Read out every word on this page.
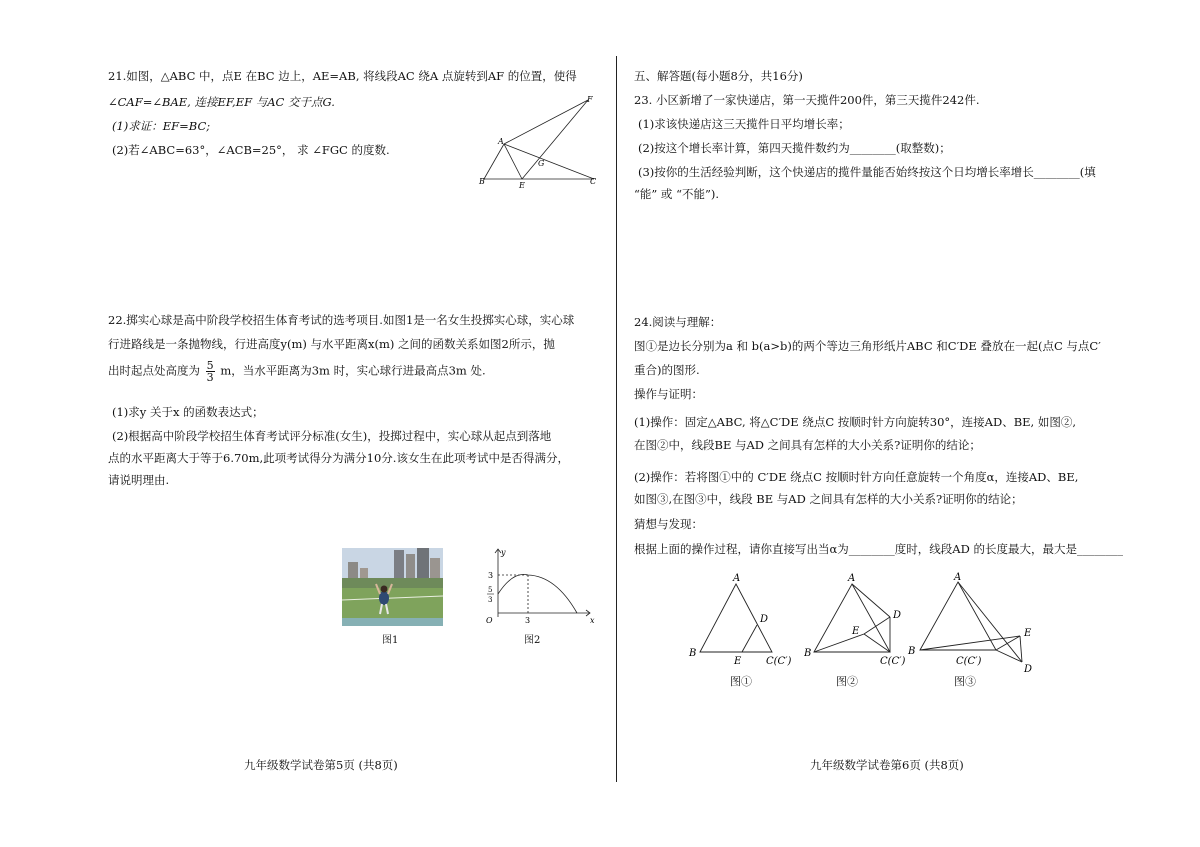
21.如图，△ABC 中，点E 在BC 边上，AE=AB, 将线段AC 绕A 点旋转到AF 的位置，使得
∠CAF=∠BAE, 连接EF,EF 与AC 交于点G.
(1)求证：EF=BC;
(2)若∠ABC=63°，∠ACB=25°， 求 ∠FGC 的度数.
A
B	C
E
F
G
22.掷实心球是高中阶段学校招生体育考试的选考项目.如图1是一名女生投掷实心球，实心球
行进路线是一条抛物线，行进高度y(m) 与水平距离x(m) 之间的函数关系如图2所示，抛
出时起点处高度为 $\frac{5}{3}$ m，当水平距离为3m 时，实心球行进最高点3m 处.
(1)求y 关于x 的函数表达式；
(2)根据高中阶段学校招生体育考试评分标准(女生)，投掷过程中，实心球从起点到落地
点的水平距离大于等于6.70m,此项考试得分为满分10分.该女生在此项考试中是否得满分，
请说明理由.
图1
y
x
O
3
5
3
3
图2
九年级数学试卷第5页 (共8页)
五、解答题(每小题8分，共16分)
23. 小区新增了一家快递店，第一天揽件200件，第三天揽件242件.
(1)求该快递店这三天揽件日平均增长率；
(2)按这个增长率计算，第四天揽件数约为________(取整数)；
(3)按你的生活经验判断，这个快递店的揽件量能否始终按这个日均增长率增长________(填
“能” 或 “不能”).
24.阅读与理解：
图①是边长分别为a 和 b(a>b)的两个等边三角形纸片ABC 和C′DE 叠放在一起(点C 与点C′
重合)的图形.
操作与证明：
(1)操作：固定△ABC, 将△C′DE 绕点C 按顺时针方向旋转30°，连接AD、BE, 如图②,
在图②中，线段BE 与AD 之间具有怎样的大小关系?证明你的结论；
(2)操作：若将图①中的 C′DE 绕点C 按顺时针方向任意旋转一个角度α，连接AD、BE,
如图③,在图③中，线段 BE 与AD 之间具有怎样的大小关系?证明你的结论；
猜想与发现：
根据上面的操作过程，请你直接写出当α为________度时，线段AD 的长度最大，最大是________
A
B
D
E C(C′)
图①
A
B
D
E
C(C′)
图②
A
B
E
D
C(C′)
图③
九年级数学试卷第6页 (共8页)
